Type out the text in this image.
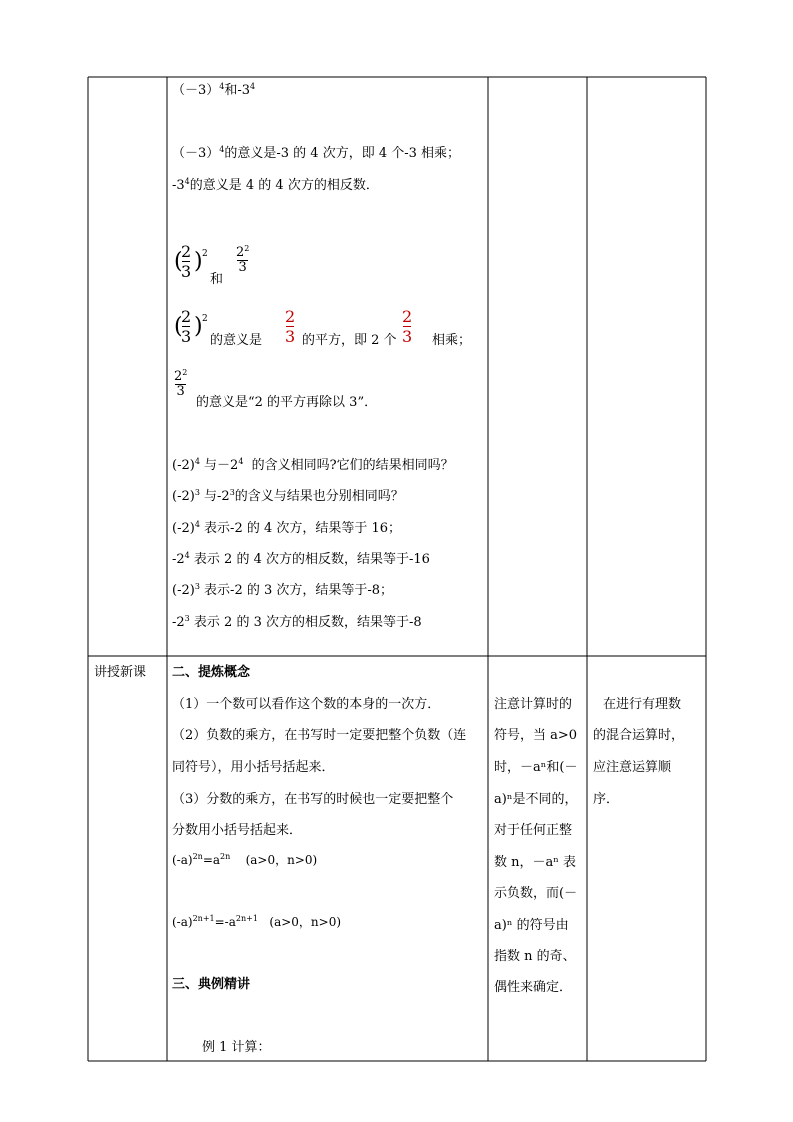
$(-3)^4$和$-3^4$
$(-3)^4$的意义是-3 的 4 次方，即 4 个-3 相乘；
$-3^4$的意义是 4 的 4 次方的相反数．
(
2
3 ) 2
和
$2^2$
3
(
2
3 ) 2
的意义是
2
3 的平方，即 2 个
2
3 相乘；
$2^2$
3
的意义是“2 的平方再除以 3”．
$(-2)^4$ 与$-2^4$ 的含义相同吗?它们的结果相同吗？
$(-2)^3$ 与$-2^3$的含义与结果也分别相同吗？
$(-2)^4$ 表示-2 的 4 次方，结果等于 16；
$-2^4$ 表示 2 的 4 次方的相反数，结果等于-16
$(-2)^3$ 表示-2 的 3 次方，结果等于-8；
$-2^3$ 表示 2 的 3 次方的相反数，结果等于-8
讲授新课 二、提炼概念
（1）一个数可以看作这个数的本身的一次方．
（2）负数的乘方，在书写时一定要把整个负数（连
同符号），用小括号括起来．
（3）分数的乘方，在书写的时候也一定要把整个
分数用小括号括起来．
$(-a)^{2n}=a^{2n}$ (a>0，n>0)
$(-a)^{2n+1}=-a^{2n+1}$ (a>0，n>0)
三、典例精讲
例 1 计算：
注意计算时的
符号，当 a>0
时，－aⁿ和(－
a)ⁿ是不同的，
对于任何正整
数 n，－aⁿ 表
示负数，而(－
a)ⁿ 的符号由
指数 n 的奇、
偶性来确定．
在进行有理数
的混合运算时，
应注意运算顺
序．
